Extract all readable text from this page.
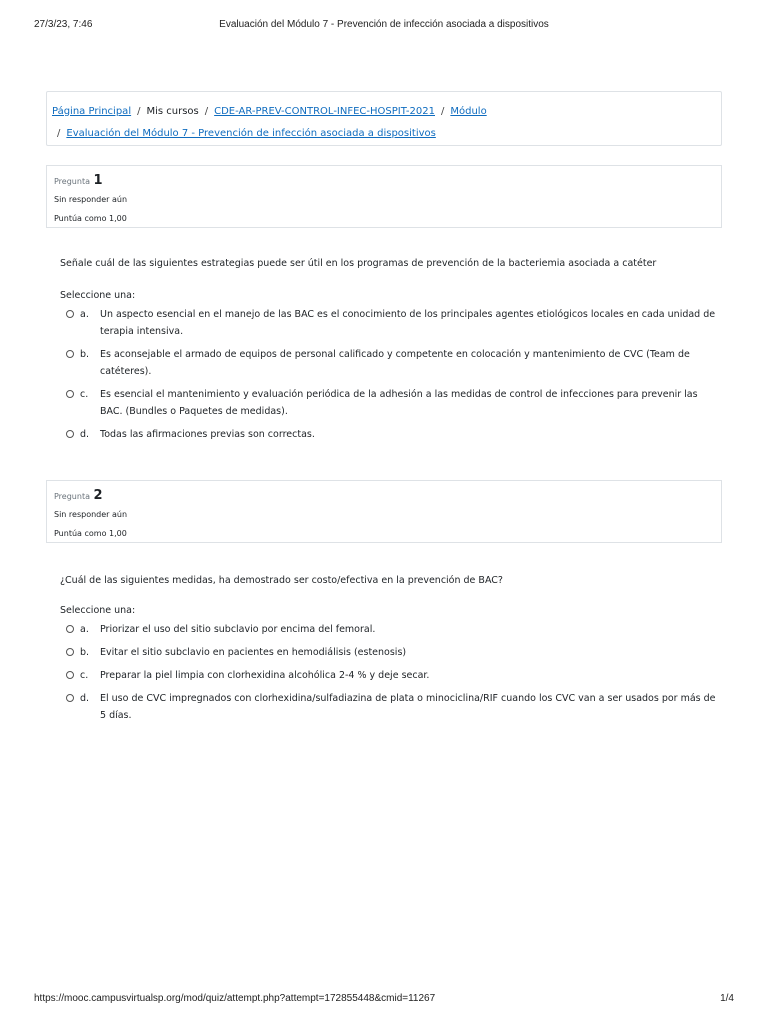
27/3/23, 7:46	Evaluación del Módulo 7 - Prevención de infección asociada a dispositivos
Página Principal / Mis cursos / CDE-AR-PREV-CONTROL-INFEC-HOSPIT-2021 / Módulo
/ Evaluación del Módulo 7 - Prevención de infección asociada a dispositivos
Pregunta 1
Sin responder aún
Puntúa como 1,00
Señale cuál de las siguientes estrategias puede ser útil en los programas de prevención de la bacteriemia asociada a catéter
Seleccione una:
a.	Un aspecto esencial en el manejo de las BAC es el conocimiento de los principales agentes etiológicos locales en cada unidad de terapia intensiva.
b.	Es aconsejable el armado de equipos de personal calificado y competente en colocación y mantenimiento de CVC (Team de catéteres).
c.	Es esencial el mantenimiento y evaluación periódica de la adhesión a las medidas de control de infecciones para prevenir las BAC. (Bundles o Paquetes de medidas).
d.	Todas las afirmaciones previas son correctas.
Pregunta 2
Sin responder aún
Puntúa como 1,00
¿Cuál de las siguientes medidas, ha demostrado ser costo/efectiva en la prevención de BAC?
Seleccione una:
a.	Priorizar el uso del sitio subclavio por encima del femoral.
b.	Evitar el sitio subclavio en pacientes en hemodiálisis (estenosis)
c.	Preparar la piel limpia con clorhexidina alcohólica 2-4 % y deje secar.
d.	El uso de CVC impregnados con clorhexidina/sulfadiazina de plata o minociclina/RIF cuando los CVC van a ser usados por más de 5 días.
https://mooc.campusvirtualsp.org/mod/quiz/attempt.php?attempt=172855448&cmid=11267	1/4
